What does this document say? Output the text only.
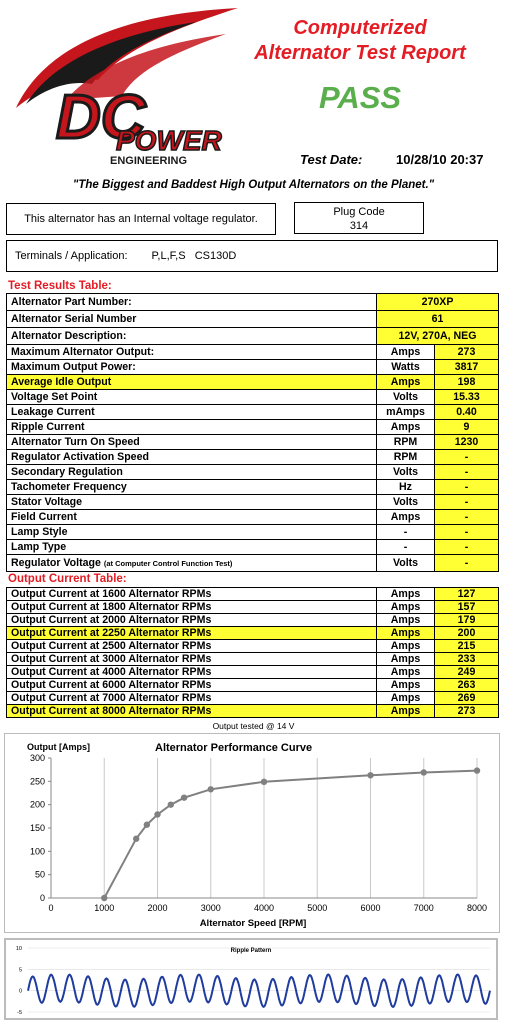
DC
POWER
ENGINEERING
Computerized
Alternator Test Report
PASS
Test Date:	10/28/10 20:37
"The Biggest and Baddest High Output Alternators on the Planet."
This alternator has an Internal voltage regulator.
Plug Code
314
Terminals / Application: P,L,F,S   CS130D
Test Results Table:
Alternator Part Number:	270XP	
Alternator Serial Number	61	
Alternator Description:	12V, 270A, NEG	
Maximum Alternator Output:	Amps	273
Maximum Output Power:	Watts	3817
Average Idle Output	Amps	198
Voltage Set Point	Volts	15.33
Leakage Current	mAmps	0.40
Ripple Current	Amps	9
Alternator Turn On Speed	RPM	1230
Regulator Activation Speed	RPM	-
Secondary Regulation	Volts	-
Tachometer Frequency	Hz	-
Stator Voltage	Volts	-
Field Current	Amps	-
Lamp Style	-	-
Lamp Type	-	-
Regulator Voltage (at Computer Control Function Test)	Volts	-
Output Current Table:
Output Current at 1600 Alternator RPMs	Amps	127
Output Current at 1800 Alternator RPMs	Amps	157
Output Current at 2000 Alternator RPMs	Amps	179
Output Current at 2250 Alternator RPMs	Amps	200
Output Current at 2500 Alternator RPMs	Amps	215
Output Current at 3000 Alternator RPMs	Amps	233
Output Current at 4000 Alternator RPMs	Amps	249
Output Current at 6000 Alternator RPMs	Amps	263
Output Current at 7000 Alternator RPMs	Amps	269
Output Current at 8000 Alternator RPMs	Amps	273
Output tested @ 14 V
0	1000	2000	3000	4000	5000	6000	7000	8000
0
50
100
150
200
250
300
Output [Amps]	Alternator Performance Curve
Alternator Speed [RPM]
-5
0
5
10	Ripple Pattern
